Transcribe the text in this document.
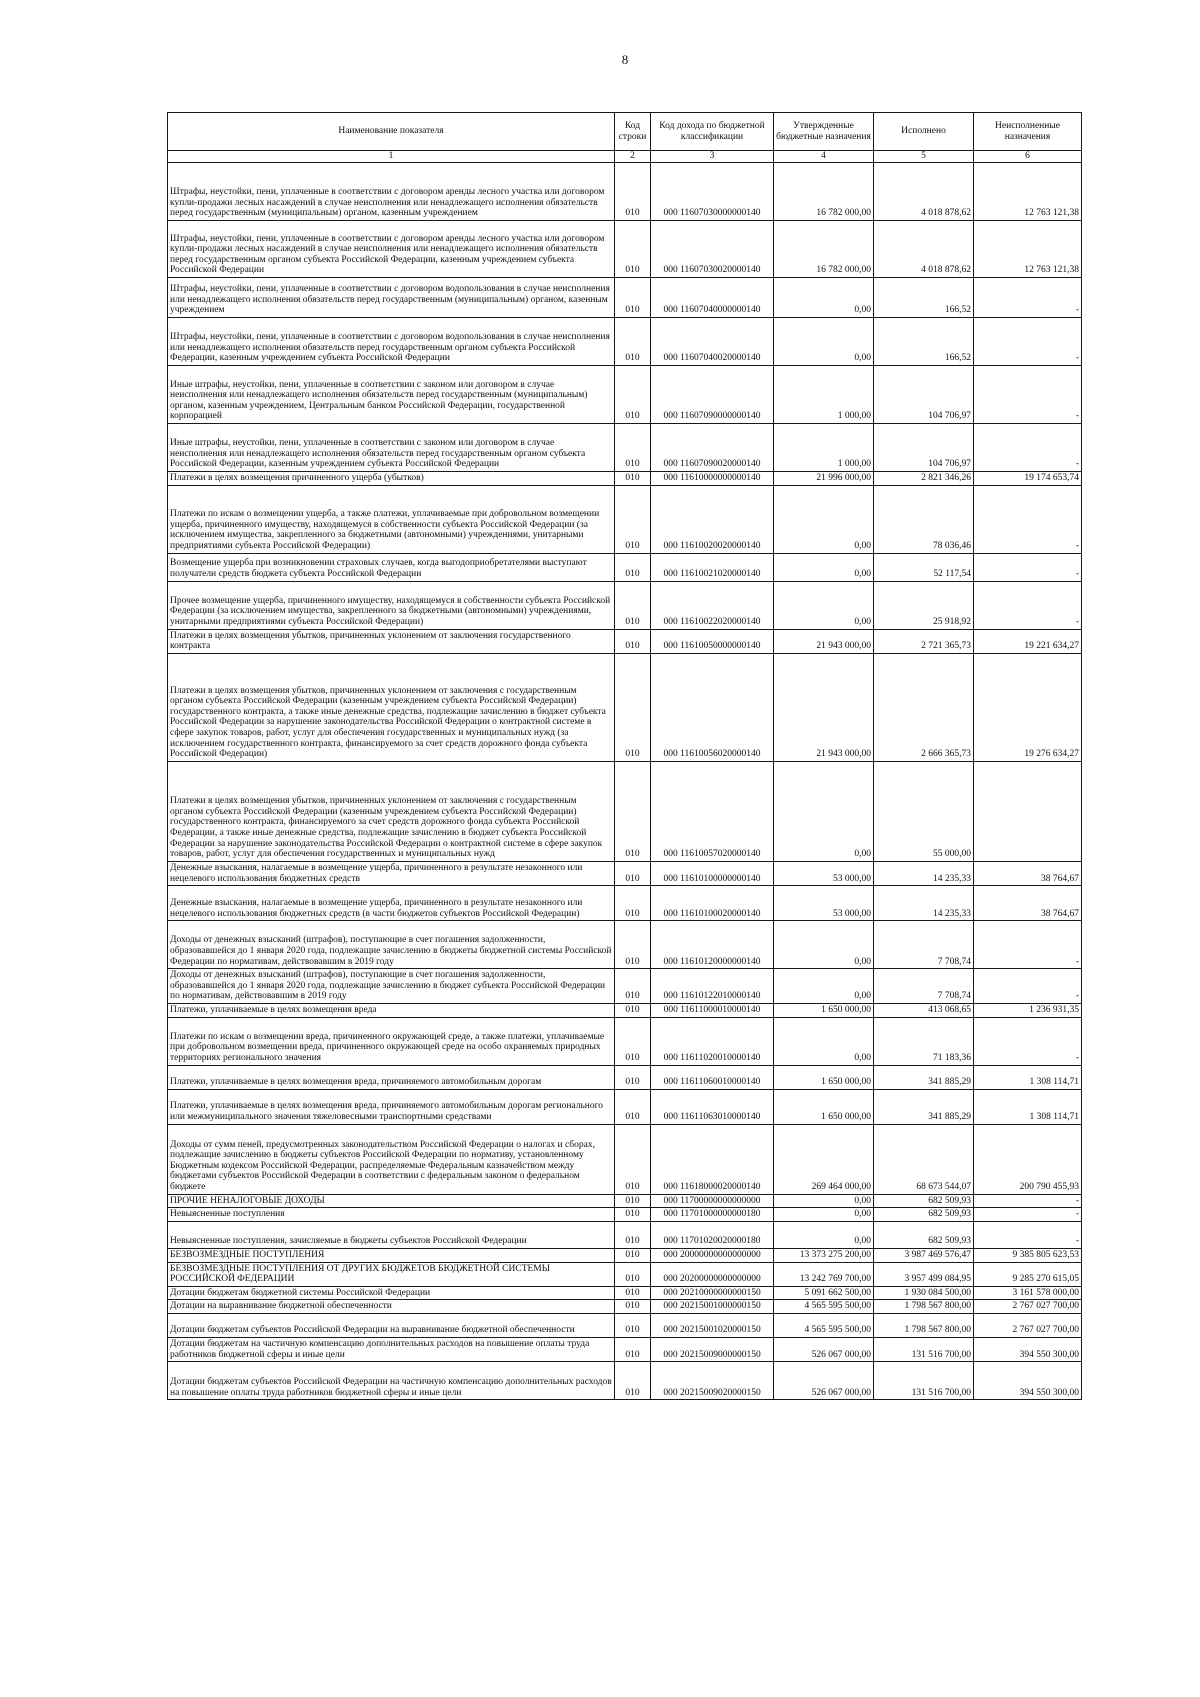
8
Наименование показателя	Код строки	Код дохода по бюджетной классификации	Утвержденные бюджетные назначения	Исполнено	Неисполненные назначения
1	2	3	4	5	6
Штрафы, неустойки, пени, уплаченные в соответствии с договором аренды лесного участка или договором купли-продажи лесных насаждений в случае неисполнения или ненадлежащего исполнения обязательств перед государственным (муниципальным) органом, казенным учреждением	010	000 11607030000000140	16 782 000,00	4 018 878,62	12 763 121,38
Штрафы, неустойки, пени, уплаченные в соответствии с договором аренды лесного участка или договором купли-продажи лесных насаждений в случае неисполнения или ненадлежащего исполнения обязательств перед государственным органом субъекта Российской Федерации, казенным учреждением субъекта Российской Федерации	010	000 11607030020000140	16 782 000,00	4 018 878,62	12 763 121,38
Штрафы, неустойки, пени, уплаченные в соответствии с договором водопользования в случае неисполнения или ненадлежащего исполнения обязательств перед государственным (муниципальным) органом, казенным учреждением	010	000 11607040000000140	0,00	166,52	-
Штрафы, неустойки, пени, уплаченные в соответствии с договором водопользования в случае неисполнения или ненадлежащего исполнения обязательств перед государственным органом субъекта Российской Федерации, казенным учреждением субъекта Российской Федерации	010	000 11607040020000140	0,00	166,52	-
Иные штрафы, неустойки, пени, уплаченные в соответствии с законом или договором в случае неисполнения или ненадлежащего исполнения обязательств перед государственным (муниципальным) органом, казенным учреждением, Центральным банком Российской Федерации, государственной корпорацией	010	000 11607090000000140	1 000,00	104 706,97	-
Иные штрафы, неустойки, пени, уплаченные в соответствии с законом или договором в случае неисполнения или ненадлежащего исполнения обязательств перед государственным органом субъекта Российской Федерации, казенным учреждением субъекта Российской Федерации	010	000 11607090020000140	1 000,00	104 706,97	-
Платежи в целях возмещения причиненного ущерба (убытков)	010	000 11610000000000140	21 996 000,00	2 821 346,26	19 174 653,74
Платежи по искам о возмещении ущерба, а также платежи, уплачиваемые при добровольном возмещении ущерба, причиненного имуществу, находящемуся в собственности субъекта Российской Федерации (за исключением имущества, закрепленного за бюджетными (автономными) учреждениями, унитарными предприятиями субъекта Российской Федерации)	010	000 11610020020000140	0,00	78 036,46	-
Возмещение ущерба при возникновении страховых случаев, когда выгодоприобретателями выступают получатели средств бюджета субъекта Российской Федерации	010	000 11610021020000140	0,00	52 117,54	-
Прочее возмещение ущерба, причиненного имуществу, находящемуся в собственности субъекта Российской Федерации (за исключением имущества, закрепленного за бюджетными (автономными) учреждениями, унитарными предприятиями субъекта Российской Федерации)	010	000 11610022020000140	0,00	25 918,92	-
Платежи в целях возмещения убытков, причиненных уклонением от заключения государственного контракта	010	000 11610050000000140	21 943 000,00	2 721 365,73	19 221 634,27
Платежи в целях возмещения убытков, причиненных уклонением от заключения с государственным органом субъекта Российской Федерации (казенным учреждением субъекта Российской Федерации) государственного контракта, а также иные денежные средства, подлежащие зачислению в бюджет субъекта Российской Федерации за нарушение законодательства Российской Федерации о контрактной системе в сфере закупок товаров, работ, услуг для обеспечения государственных и муниципальных нужд (за исключением государственного контракта, финансируемого за счет средств дорожного фонда субъекта Российской Федерации)	010	000 11610056020000140	21 943 000,00	2 666 365,73	19 276 634,27
Платежи в целях возмещения убытков, причиненных уклонением от заключения с государственным органом субъекта Российской Федерации (казенным учреждением субъекта Российской Федерации) государственного контракта, финансируемого за счет средств дорожного фонда субъекта Российской Федерации, а также иные денежные средства, подлежащие зачислению в бюджет субъекта Российской Федерации за нарушение законодательства Российской Федерации о контрактной системе в сфере закупок товаров, работ, услуг для обеспечения государственных и муниципальных нужд	010	000 11610057020000140	0,00	55 000,00	
Денежные взыскания, налагаемые в возмещение ущерба, причиненного в результате незаконного или нецелевого использования бюджетных средств	010	000 11610100000000140	53 000,00	14 235,33	38 764,67
Денежные взыскания, налагаемые в возмещение ущерба, причиненного в результате незаконного или нецелевого использования бюджетных средств (в части бюджетов субъектов Российской Федерации)	010	000 11610100020000140	53 000,00	14 235,33	38 764,67
Доходы от денежных взысканий (штрафов), поступающие в счет погашения задолженности, образовавшейся до 1 января 2020 года, подлежащие зачислению в бюджеты бюджетной системы Российской Федерации по нормативам, действовавшим в 2019 году	010	000 11610120000000140	0,00	7 708,74	-
Доходы от денежных взысканий (штрафов), поступающие в счет погашения задолженности, образовавшейся до 1 января 2020 года, подлежащие зачислению в бюджет субъекта Российской Федерации по нормативам, действовавшим в 2019 году	010	000 11610122010000140	0,00	7 708,74	-
Платежи, уплачиваемые в целях возмещения вреда	010	000 11611000010000140	1 650 000,00	413 068,65	1 236 931,35
Платежи по искам о возмещении вреда, причиненного окружающей среде, а также платежи, уплачиваемые при добровольном возмещении вреда, причиненного окружающей среде на особо охраняемых природных территориях регионального значения	010	000 11611020010000140	0,00	71 183,36	-
Платежи, уплачиваемые в целях возмещения вреда, причиняемого автомобильным дорогам	010	000 11611060010000140	1 650 000,00	341 885,29	1 308 114,71
Платежи, уплачиваемые в целях возмещения вреда, причиняемого автомобильным дорогам регионального или межмуниципального значения тяжеловесными транспортными средствами	010	000 11611063010000140	1 650 000,00	341 885,29	1 308 114,71
Доходы от сумм пеней, предусмотренных законодательством Российской Федерации о налогах и сборах, подлежащие зачислению в бюджеты субъектов Российской Федерации по нормативу, установленному Бюджетным кодексом Российской Федерации, распределяемые Федеральным казначейством между бюджетами субъектов Российской Федерации в соответствии с федеральным законом о федеральном бюджете	010	000 11618000020000140	269 464 000,00	68 673 544,07	200 790 455,93
ПРОЧИЕ НЕНАЛОГОВЫЕ ДОХОДЫ	010	000 11700000000000000	0,00	682 509,93	-
Невыясненные поступления	010	000 11701000000000180	0,00	682 509,93	-
Невыясненные поступления, зачисляемые в бюджеты субъектов Российской Федерации	010	000 11701020020000180	0,00	682 509,93	-
БЕЗВОЗМЕЗДНЫЕ ПОСТУПЛЕНИЯ	010	000 20000000000000000	13 373 275 200,00	3 987 469 576,47	9 385 805 623,53
БЕЗВОЗМЕЗДНЫЕ ПОСТУПЛЕНИЯ ОТ ДРУГИХ БЮДЖЕТОВ БЮДЖЕТНОЙ СИСТЕМЫ РОССИЙСКОЙ ФЕДЕРАЦИИ	010	000 20200000000000000	13 242 769 700,00	3 957 499 084,95	9 285 270 615,05
Дотации бюджетам бюджетной системы Российской Федерации	010	000 20210000000000150	5 091 662 500,00	1 930 084 500,00	3 161 578 000,00
Дотации на выравнивание бюджетной обеспеченности	010	000 20215001000000150	4 565 595 500,00	1 798 567 800,00	2 767 027 700,00
Дотации бюджетам субъектов Российской Федерации на выравнивание бюджетной обеспеченности	010	000 20215001020000150	4 565 595 500,00	1 798 567 800,00	2 767 027 700,00
Дотации бюджетам на частичную компенсацию дополнительных расходов на повышение оплаты труда работников бюджетной сферы и иные цели	010	000 20215009000000150	526 067 000,00	131 516 700,00	394 550 300,00
Дотации бюджетам субъектов Российской Федерации на частичную компенсацию дополнительных расходов на повышение оплаты труда работников бюджетной сферы и иные цели	010	000 20215009020000150	526 067 000,00	131 516 700,00	394 550 300,00
